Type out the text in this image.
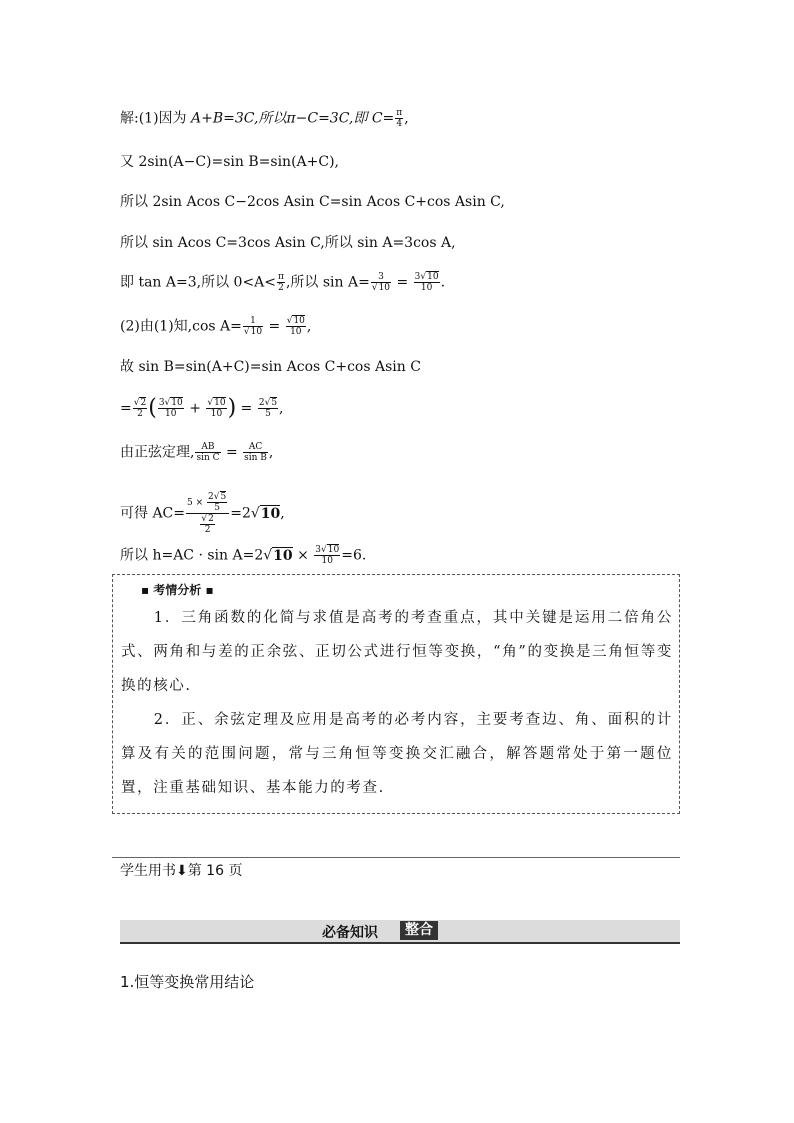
解:(1)因为 A+B=3C,所以π−C=3C,即 $C= \frac{\pi}{4}$ ,
又 2sin(A−C)=sin B=sin(A+C),
所以 2sin Acos C−2cos Asin C=sin Acos C+cos Asin C,
所以 sin Acos C=3cos Asin C,所以 sin A=3cos A,
即 tan A=3,所以 $0<A< \frac{\pi}{2}$ ,所以 $\sin A= \frac{3}{√10} = \frac{3√10}{10}$ .
(2)由(1)知,cos $A= \frac{1}{√10} = \frac{√10}{10}$ ,
故 sin B=sin(A+C)=sin Acos C+cos Asin C
= $\frac{√2}{2}$ ( $\frac{3√10}{10} + \frac{√10}{10}$ ) = $\frac{2√5}{5}$ ,
由正弦定理, $\frac{AB}{\text{sin C}} = \frac{AC}{\text{sin B}}$ ,
可得 $AC= \frac{5 \times \frac{2√5}{5}}{\frac{√2}{2}} =2√10$,
所以 $h=AC \cdot \sin A=2√10 \times \frac{3√10}{10} =6$.
▪ 考情分析 ▪
　　1．三角函数的化简与求值是高考的考查重点，其中关键是运用二倍角公式、两角和与差的正余弦、正切公式进行恒等变换，“角”的变换是三角恒等变换的核心.
　　2．正、余弦定理及应用是高考的必考内容，主要考查边、角、面积的计算及有关的范围问题，常与三角恒等变换交汇融合，解答题常处于第一题位置，注重基础知识、基本能力的考查.
学生用书⬇第 16 页
必备知识	整合
1.恒等变换常用结论
